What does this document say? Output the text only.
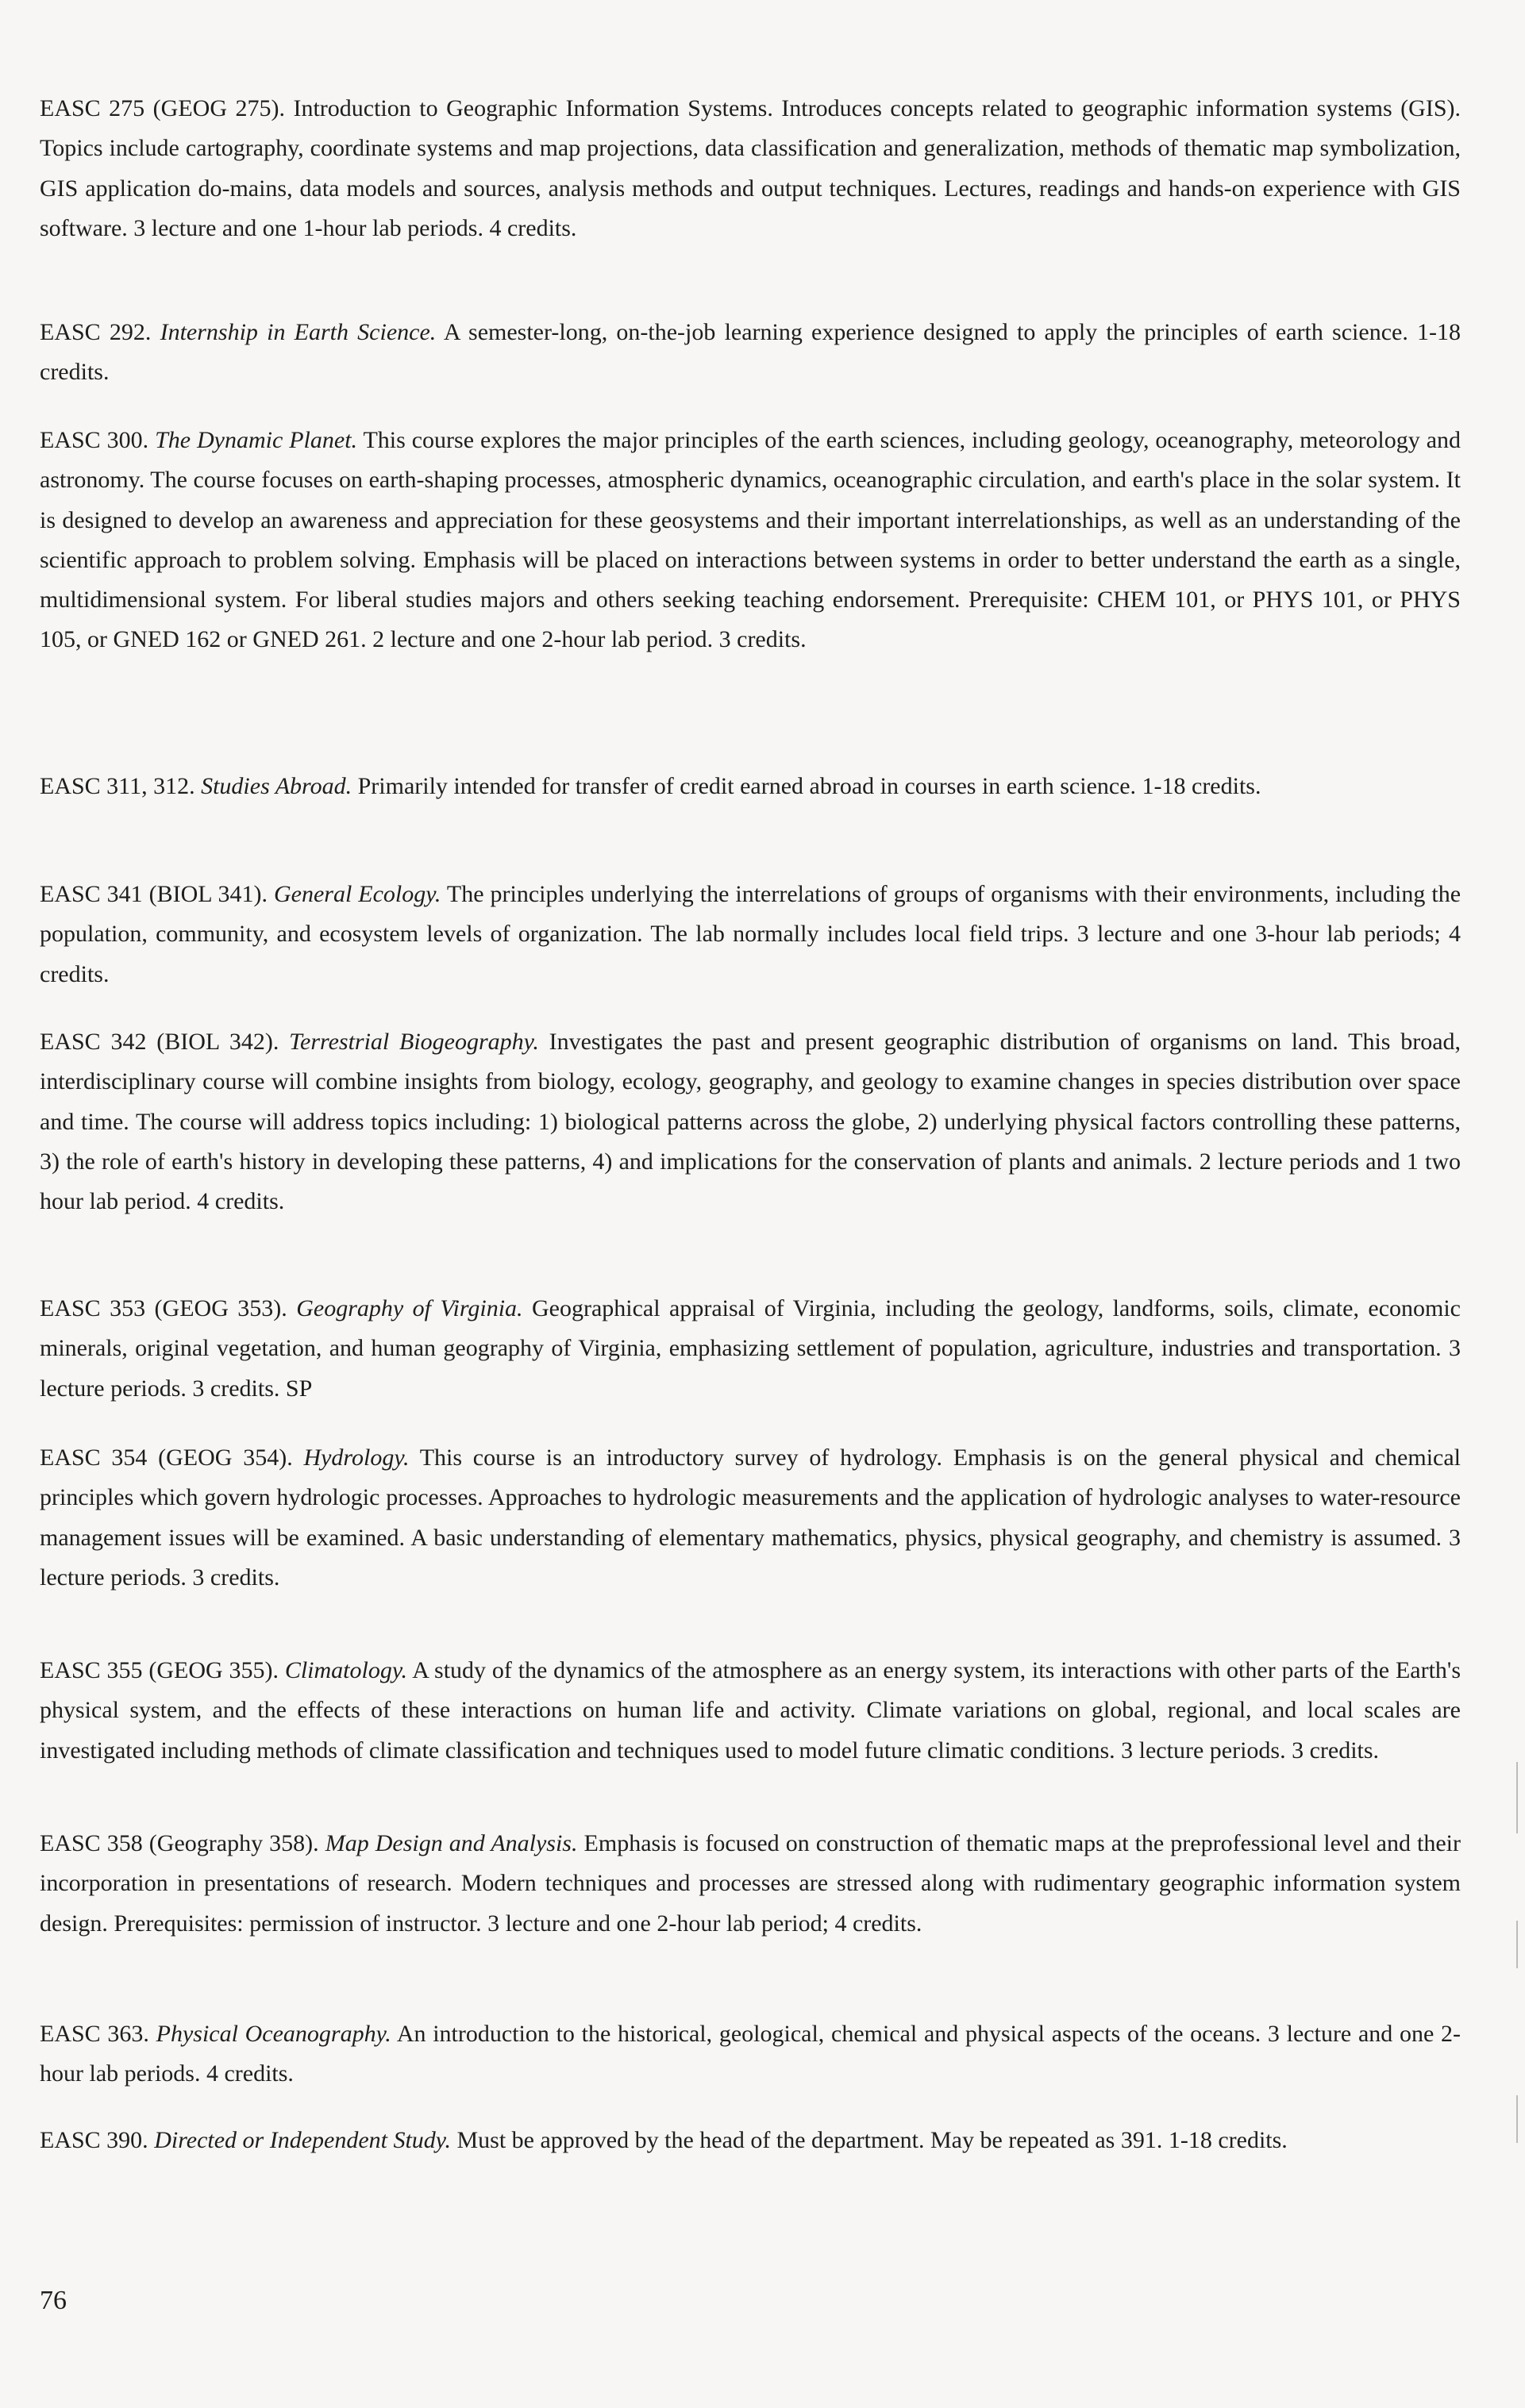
EASC 275 (GEOG 275). Introduction to Geographic Information Systems. Introduces concepts related to geographic information systems (GIS). Topics include cartography, coordinate systems and map projections, data classification and generalization, methods of thematic map symbolization, GIS application do-mains, data models and sources, analysis methods and output techniques. Lectures, readings and hands-on experience with GIS software. 3 lecture and one 1-hour lab periods. 4 credits.

EASC 292. Internship in Earth Science. A semester-long, on-the-job learning experience designed to apply the principles of earth science. 1-18 credits.

EASC 300. The Dynamic Planet. This course explores the major principles of the earth sciences, including geology, oceanography, meteorology and astronomy. The course focuses on earth-shaping processes, atmospheric dynamics, oceanographic circulation, and earth's place in the solar system. It is designed to develop an awareness and appreciation for these geosystems and their important interrelationships, as well as an understanding of the scientific approach to problem solving. Emphasis will be placed on interactions between systems in order to better understand the earth as a single, multidimensional system. For liberal studies majors and others seeking teaching endorsement. Prerequisite: CHEM 101, or PHYS 101, or PHYS 105, or GNED 162 or GNED 261. 2 lecture and one 2-hour lab period. 3 credits.

EASC 311, 312. Studies Abroad. Primarily intended for transfer of credit earned abroad in courses in earth science. 1-18 credits.

EASC 341 (BIOL 341). General Ecology. The principles underlying the interrelations of groups of organisms with their environments, including the population, community, and ecosystem levels of organization. The lab normally includes local field trips. 3 lecture and one 3-hour lab periods; 4 credits.

EASC 342 (BIOL 342). Terrestrial Biogeography. Investigates the past and present geographic distribution of organisms on land. This broad, interdisciplinary course will combine insights from biology, ecology, geography, and geology to examine changes in species distribution over space and time. The course will address topics including: 1) biological patterns across the globe, 2) underlying physical factors controlling these patterns, 3) the role of earth's history in developing these patterns, 4) and implications for the conservation of plants and animals. 2 lecture periods and 1 two hour lab period. 4 credits.

EASC 353 (GEOG 353). Geography of Virginia. Geographical appraisal of Virginia, including the geology, landforms, soils, climate, economic minerals, original vegetation, and human geography of Virginia, emphasizing settlement of population, agriculture, industries and transportation. 3 lecture periods. 3 credits. SP

EASC 354 (GEOG 354). Hydrology. This course is an introductory survey of hydrology. Emphasis is on the general physical and chemical principles which govern hydrologic processes. Approaches to hydrologic measurements and the application of hydrologic analyses to water-resource management issues will be examined. A basic understanding of elementary mathematics, physics, physical geography, and chemistry is assumed. 3 lecture periods. 3 credits.

EASC 355 (GEOG 355). Climatology. A study of the dynamics of the atmosphere as an energy system, its interactions with other parts of the Earth's physical system, and the effects of these interactions on human life and activity. Climate variations on global, regional, and local scales are investigated including methods of climate classification and techniques used to model future climatic conditions. 3 lecture periods. 3 credits.

EASC 358 (Geography 358). Map Design and Analysis. Emphasis is focused on construction of thematic maps at the preprofessional level and their incorporation in presentations of research. Modern techniques and processes are stressed along with rudimentary geographic information system design. Prerequisites: permission of instructor. 3 lecture and one 2-hour lab period; 4 credits.

EASC 363. Physical Oceanography. An introduction to the historical, geological, chemical and physical aspects of the oceans. 3 lecture and one 2-hour lab periods. 4 credits.

EASC 390. Directed or Independent Study. Must be approved by the head of the department. May be repeated as 391. 1-18 credits.

76
